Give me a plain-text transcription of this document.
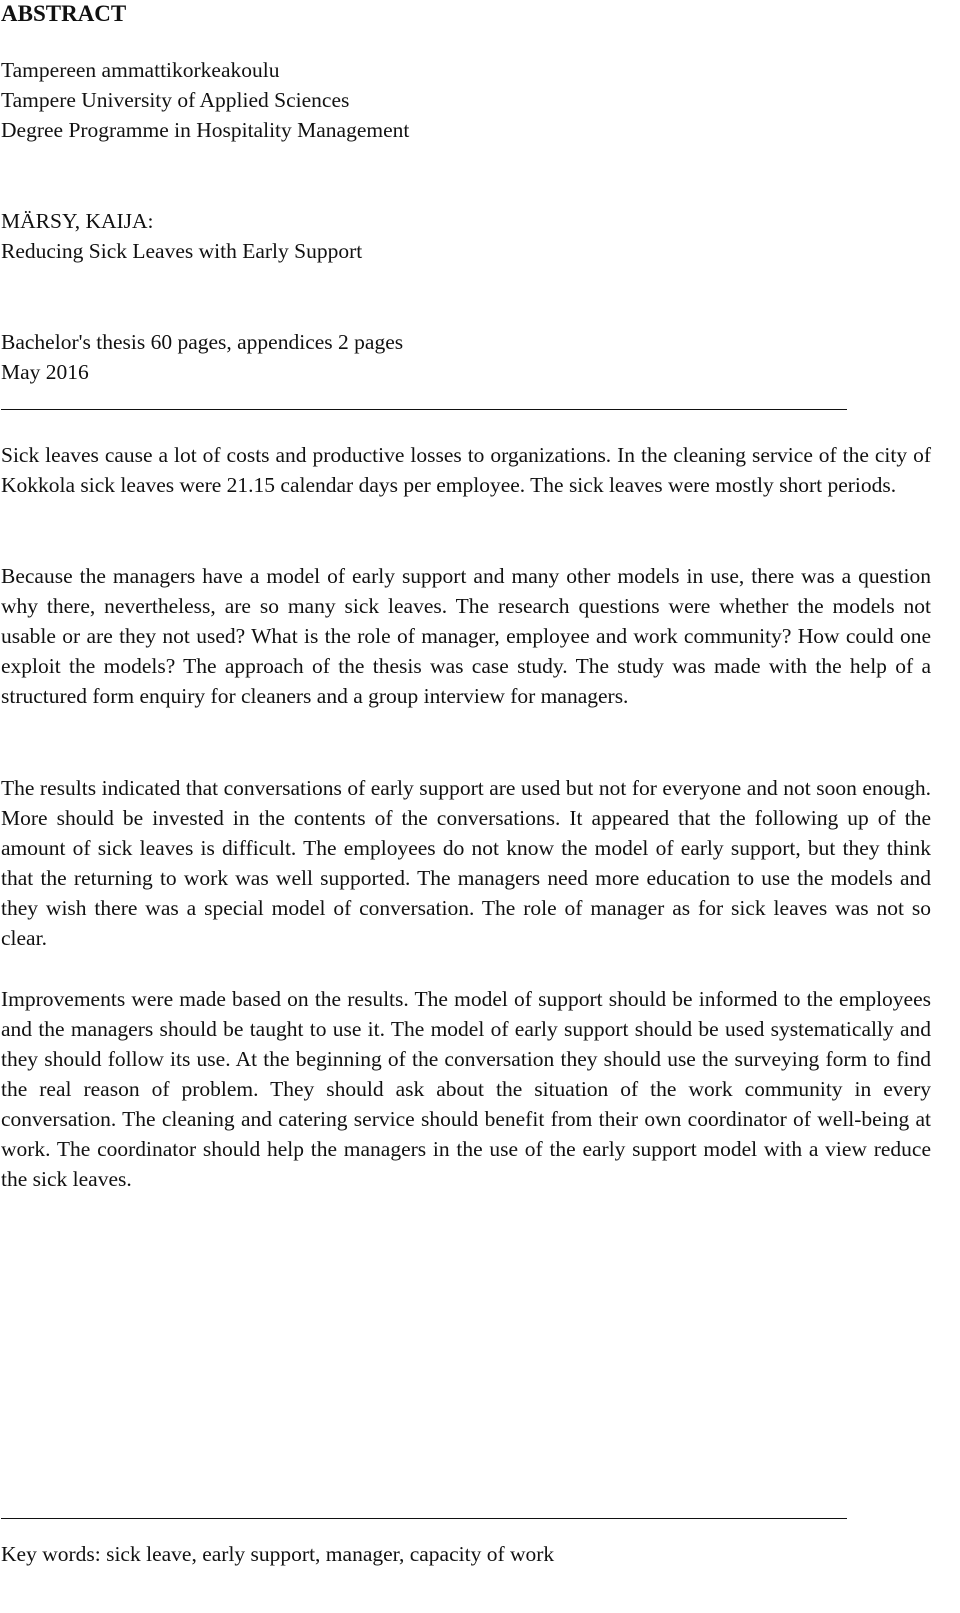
ABSTRACT
Tampereen ammattikorkeakoulu
Tampere University of Applied Sciences
Degree Programme in Hospitality Management
MÄRSY, KAIJA:
Reducing Sick Leaves with Early Support
Bachelor's thesis 60 pages, appendices 2 pages
May 2016

Sick leaves cause a lot of costs and productive losses to organizations. In the cleaning service of the city of Kokkola sick leaves were 21.15 calendar days per employee. The sick leaves were mostly short periods.

Because the managers have a model of early support and many other models in use, there was a question why there, nevertheless, are so many sick leaves. The research questions were whether the models not usable or are they not used? What is the role of manager, employee and work community? How could one exploit the models? The approach of the thesis was case study. The study was made with the help of a structured form enquiry for cleaners and a group interview for managers.

The results indicated that conversations of early support are used but not for everyone and not soon enough. More should be invested in the contents of the conversations. It appeared that the following up of the amount of sick leaves is difficult. The employees do not know the model of early support, but they think that the returning to work was well supported. The managers need more education to use the models and they wish there was a special model of conversation. The role of manager as for sick leaves was not so clear.

Improvements were made based on the results. The model of support should be informed to the employees and the managers should be taught to use it. The model of early support should be used systematically and they should follow its use. At the beginning of the conversation they should use the surveying form to find the real reason of problem. They should ask about the situation of the work community in every conversation. The cleaning and catering service should benefit from their own coordinator of well-being at work. The coordinator should help the managers in the use of the early support model with a view reduce the sick leaves.

Key words: sick leave, early support, manager, capacity of work
